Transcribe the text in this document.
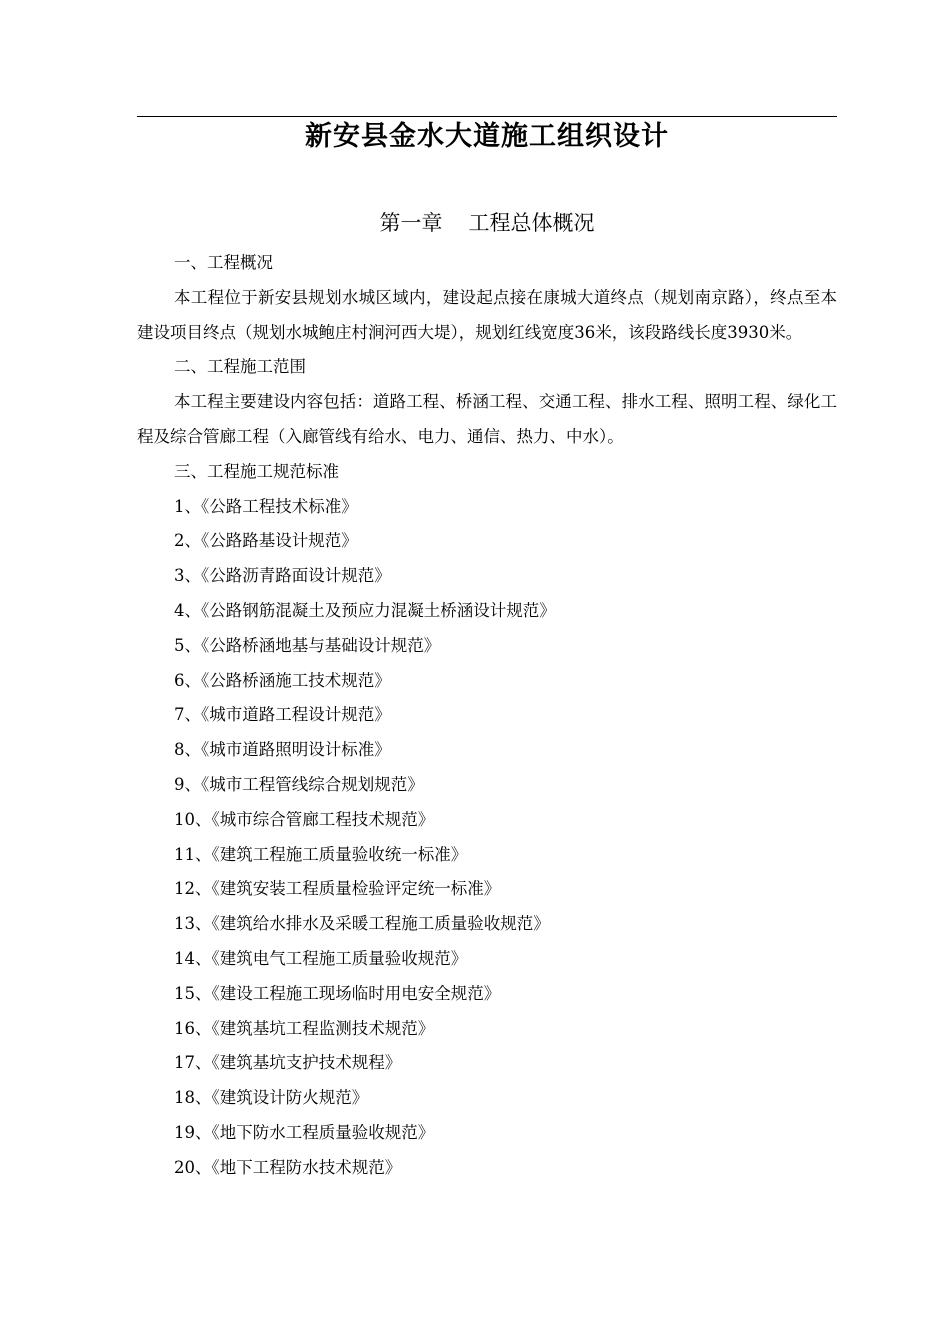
新安县金水大道施工组织设计
第一章 工程总体概况

一、工程概况

本工程位于新安县规划水城区域内，建设起点接在康城大道终点（规划南京路），终点至本建设项目终点（规划水城鲍庄村涧河西大堤），规划红线宽度36米，该段路线长度3930米。

二、工程施工范围

本工程主要建设内容包括：道路工程、桥涵工程、交通工程、排水工程、照明工程、绿化工程及综合管廊工程（入廊管线有给水、电力、通信、热力、中水）。

三、工程施工规范标准

1、《公路工程技术标准》
2、《公路路基设计规范》
3、《公路沥青路面设计规范》
4、《公路钢筋混凝土及预应力混凝土桥涵设计规范》
5、《公路桥涵地基与基础设计规范》
6、《公路桥涵施工技术规范》
7、《城市道路工程设计规范》
8、《城市道路照明设计标准》
9、《城市工程管线综合规划规范》
10、《城市综合管廊工程技术规范》
11、《建筑工程施工质量验收统一标准》
12、《建筑安装工程质量检验评定统一标准》
13、《建筑给水排水及采暖工程施工质量验收规范》
14、《建筑电气工程施工质量验收规范》
15、《建设工程施工现场临时用电安全规范》
16、《建筑基坑工程监测技术规范》
17、《建筑基坑支护技术规程》
18、《建筑设计防火规范》
19、《地下防水工程质量验收规范》
20、《地下工程防水技术规范》
